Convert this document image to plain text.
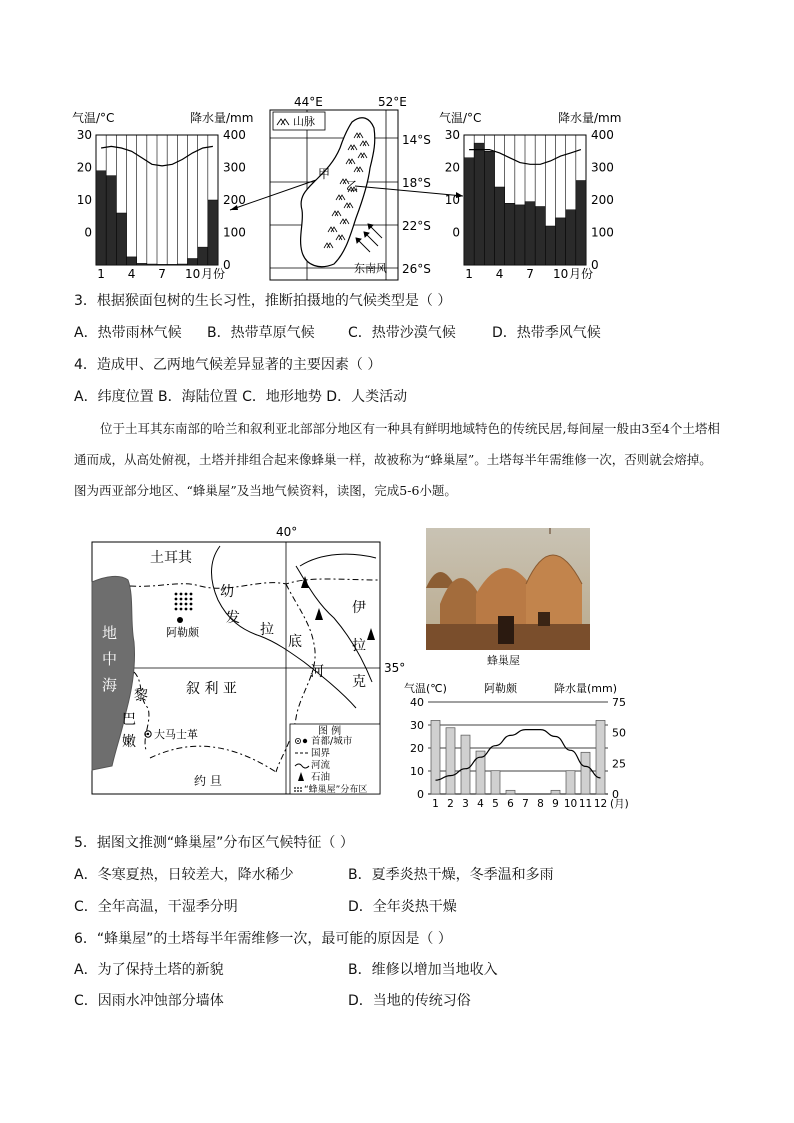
气温/°C	降水量/mm
30
20
10
0
400
300
200
100
0
1 4 7 10 月份
44°E	52°E
山脉
甲
乙
东南风
14°S
18°S
22°S
26°S
气温/°C	降水量/mm
30
20
10
0
400
300
200
100
0
1 4 7 10 月份
3．根据猴面包树的生长习性，推断拍摄地的气候类型是（ ）
A．热带雨林气候 B．热带草原气候 C．热带沙漠气候	D．热带季风气候
4．造成甲、乙两地气候差异显著的主要因素（ ）
A．纬度位置 B．海陆位置 C．地形地势 D．人类活动
位于土耳其东南部的哈兰和叙利亚北部部分地区有一种具有鲜明地域特色的传统民居,每间屋一般由3至4个土塔相通而成，从高处俯视，土塔并排组合起来像蜂巢一样，故被称为“蜂巢屋”。土塔每半年需维修一次，否则就会熔掉。图为西亚部分地区、“蜂巢屋”及当地气候资料，读图，完成5-6小题。
40°
35°
地
中
海
土耳其
阿勒颇
幼
发
拉
底
河
伊
拉
克
叙 利 亚
黎
巴
嫩 大马士革
约 旦
图 例
首都/城市
国界
河流
石油
“蜂巢屋”分布区
蜂巢屋
气温(℃)	阿勒颇	降水量(mm)
40
30
20
10
0
75
50
25
0
1 2 3 4 5 6 7 8 9 10 11 12 (月)
5．据图文推测“蜂巢屋”分布区气候特征（ ）
A．冬寒夏热，日较差大，降水稀少	B．夏季炎热干燥，冬季温和多雨
C．全年高温，干湿季分明	D．全年炎热干燥
6．“蜂巢屋”的土塔每半年需维修一次，最可能的原因是（ ）
A．为了保持土塔的新貌	B．维修以增加当地收入
C．因雨水冲蚀部分墙体	D．当地的传统习俗
